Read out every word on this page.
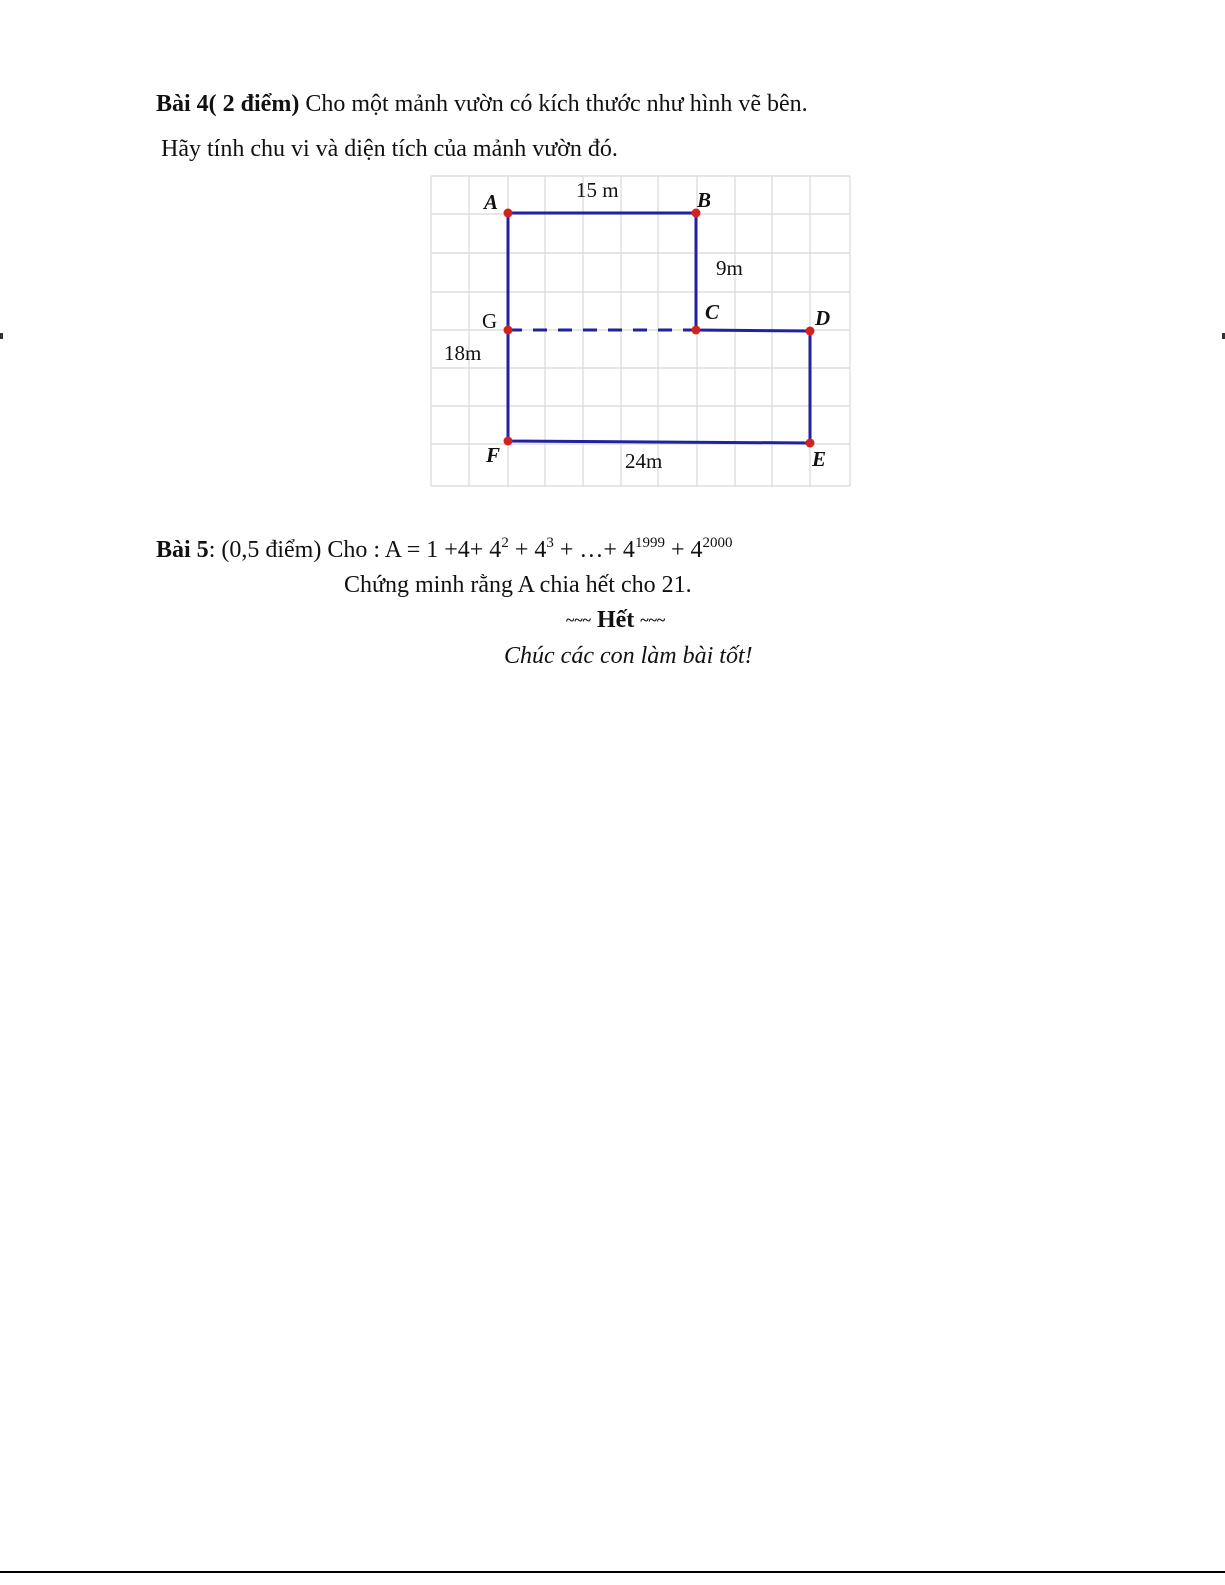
Bài 4( 2 điểm) Cho một mảnh vườn có kích thước như hình vẽ bên.
Hãy tính chu vi và diện tích của mảnh vườn đó.
A	B
C	D
E
F
G
15 m
9m
18m
24m
Bài 5: (0,5 điểm) Cho : $A = 1 +4+ 4^2 + 4^3$ + …+ $4^{1999} + 4^{2000}$
Chứng minh rằng A chia hết cho 21.
~~~ Hết ~~~
Chúc các con làm bài tốt!
